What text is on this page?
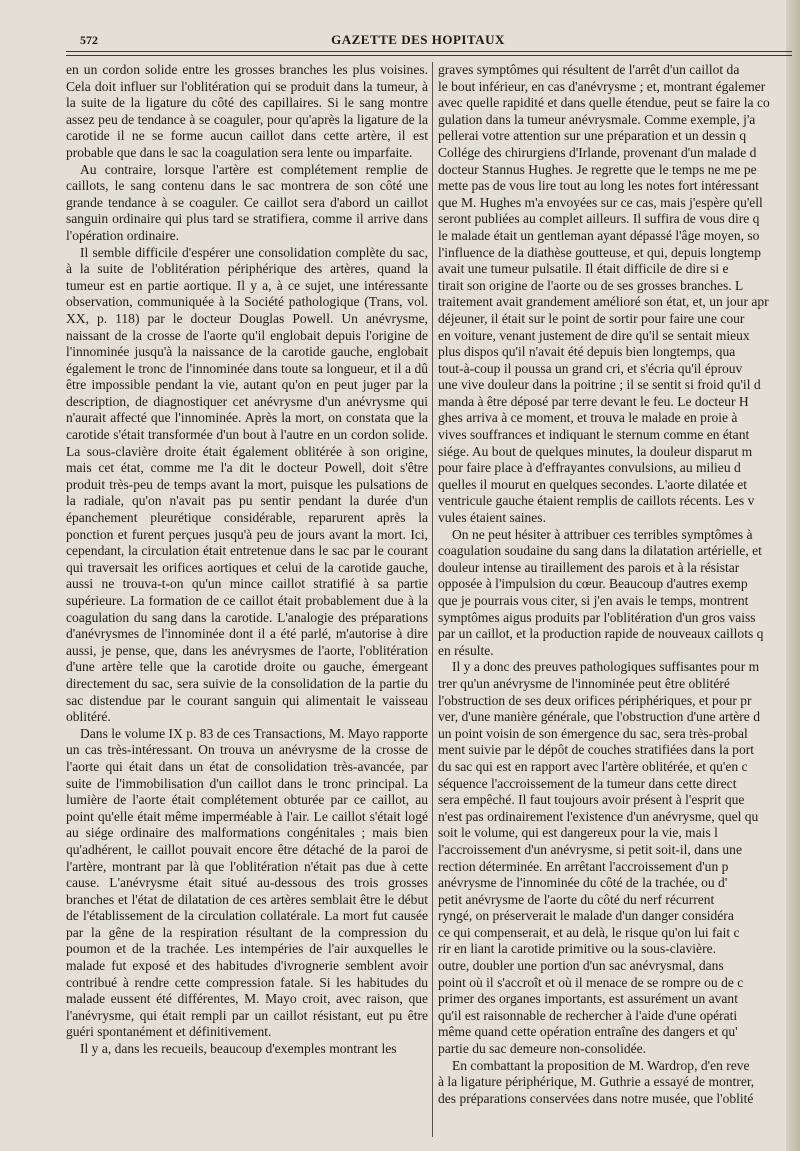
572	GAZETTE DES HOPITAUX

en un cordon solide entre les grosses branches les plus voisines. Cela doit influer sur l'oblitération qui se produit dans la tumeur, à la suite de la ligature du côté des capillaires. Si le sang montre assez peu de tendance à se coaguler, pour qu'après la ligature de la carotide il ne se forme aucun caillot dans cette artère, il est probable que dans le sac la coagulation sera lente ou imparfaite.

Au contraire, lorsque l'artère est complétement remplie de caillots, le sang contenu dans le sac montrera de son côté une grande tendance à se coaguler. Ce caillot sera d'abord un caillot sanguin ordinaire qui plus tard se stratifiera, comme il arrive dans l'opération ordinaire.

Il semble difficile d'espérer une consolidation complète du sac, à la suite de l'oblitération périphérique des artères, quand la tumeur est en partie aortique. Il y a, à ce sujet, une intéressante observation, communiquée à la Société pathologique (Trans, vol. XX, p. 118) par le docteur Douglas Powell. Un anévrysme, naissant de la crosse de l'aorte qu'il englobait depuis l'origine de l'innominée jusqu'à la naissance de la carotide gauche, englobait également le tronc de l'innominée dans toute sa longueur, et il a dû être impossible pendant la vie, autant qu'on en peut juger par la description, de diagnostiquer cet anévrysme d'un anévrysme qui n'aurait affecté que l'innominée. Après la mort, on constata que la carotide s'était transformée d'un bout à l'autre en un cordon solide. La sous-clavière droite était également oblitérée à son origine, mais cet état, comme me l'a dit le docteur Powell, doit s'être produit très-peu de temps avant la mort, puisque les pulsations de la radiale, qu'on n'avait pas pu sentir pendant la durée d'un épanchement pleurétique considérable, reparurent après la ponction et furent perçues jusqu'à peu de jours avant la mort. Ici, cependant, la circulation était entretenue dans le sac par le courant qui traversait les orifices aortiques et celui de la carotide gauche, aussi ne trouva-t-on qu'un mince caillot stratifié à sa partie supérieure. La formation de ce caillot était probablement due à la coagulation du sang dans la carotide. L'analogie des préparations d'anévrysmes de l'innominée dont il a été parlé, m'autorise à dire aussi, je pense, que, dans les anévrysmes de l'aorte, l'oblitération d'une artère telle que la carotide droite ou gauche, émergeant directement du sac, sera suivie de la consolidation de la partie du sac distendue par le courant sanguin qui alimentait le vaisseau oblitéré.

Dans le volume IX p. 83 de ces Transactions, M. Mayo rapporte un cas très-intéressant. On trouva un anévrysme de la crosse de l'aorte qui était dans un état de consolidation très-avancée, par suite de l'immobilisation d'un caillot dans le tronc principal. La lumière de l'aorte était complétement obturée par ce caillot, au point qu'elle était même imperméable à l'air. Le caillot s'était logé au siége ordinaire des malformations congénitales ; mais bien qu'adhérent, le caillot pouvait encore être détaché de la paroi de l'artère, montrant par là que l'oblitération n'était pas due à cette cause. L'anévrysme était situé au-dessous des trois grosses branches et l'état de dilatation de ces artères semblait être le début de l'établissement de la circulation collatérale. La mort fut causée par la gêne de la respiration résultant de la compression du poumon et de la trachée. Les intempéries de l'air auxquelles le malade fut exposé et des habitudes d'ivrognerie semblent avoir contribué à rendre cette compression fatale. Si les habitudes du malade eussent été différentes, M. Mayo croit, avec raison, que l'anévrysme, qui était rempli par un caillot résistant, eut pu être guéri spontanément et définitivement.

Il y a, dans les recueils, beaucoup d'exemples montrant les

graves symptômes qui résultent de l'arrêt d'un caillot da
le bout inférieur, en cas d'anévrysme ; et, montrant égalemer
avec quelle rapidité et dans quelle étendue, peut se faire la co
gulation dans la tumeur anévrysmale. Comme exemple, j'a
pellerai votre attention sur une préparation et un dessin q
Collége des chirurgiens d'Irlande, provenant d'un malade d
docteur Stannus Hughes. Je regrette que le temps ne me pe
mette pas de vous lire tout au long les notes fort intéressant
que M. Hughes m'a envoyées sur ce cas, mais j'espère qu'ell
seront publiées au complet ailleurs. Il suffira de vous dire q
le malade était un gentleman ayant dépassé l'âge moyen, so
l'influence de la diathèse goutteuse, et qui, depuis longtemp
avait une tumeur pulsatile. Il était difficile de dire si e
tirait son origine de l'aorte ou de ses grosses branches. L
traitement avait grandement amélioré son état, et, un jour apr
déjeuner, il était sur le point de sortir pour faire une cour
en voiture, venant justement de dire qu'il se sentait mieux
plus dispos qu'il n'avait été depuis bien longtemps, qua
tout-à-coup il poussa un grand cri, et s'écria qu'il éprouv
une vive douleur dans la poitrine ; il se sentit si froid qu'il d
manda à être déposé par terre devant le feu. Le docteur H
ghes arriva à ce moment, et trouva le malade en proie à
vives souffrances et indiquant le sternum comme en étant
siége. Au bout de quelques minutes, la douleur disparut m
pour faire place à d'effrayantes convulsions, au milieu d
quelles il mourut en quelques secondes. L'aorte dilatée et
ventricule gauche étaient remplis de caillots récents. Les v
vules étaient saines.
On ne peut hésiter à attribuer ces terribles symptômes à
coagulation soudaine du sang dans la dilatation artérielle, et
douleur intense au tiraillement des parois et à la résistar
opposée à l'impulsion du cœur. Beaucoup d'autres exemp
que je pourrais vous citer, si j'en avais le temps, montrent
symptômes aigus produits par l'oblitération d'un gros vaiss
par un caillot, et la production rapide de nouveaux caillots q
en résulte.
Il y a donc des preuves pathologiques suffisantes pour m
trer qu'un anévrysme de l'innominée peut être oblitéré
l'obstruction de ses deux orifices périphériques, et pour pr
ver, d'une manière générale, que l'obstruction d'une artère d
un point voisin de son émergence du sac, sera très-probal
ment suivie par le dépôt de couches stratifiées dans la port
du sac qui est en rapport avec l'artère oblitérée, et qu'en c
séquence l'accroissement de la tumeur dans cette direct
sera empêché. Il faut toujours avoir présent à l'esprit que
n'est pas ordinairement l'existence d'un anévrysme, quel qu
soit le volume, qui est dangereux pour la vie, mais l
l'accroissement d'un anévrysme, si petit soit-il, dans une
rection déterminée. En arrêtant l'accroissement d'un p
anévrysme de l'innominée du côté de la trachée, ou d'
petit anévrysme de l'aorte du côté du nerf récurrent
ryngé, on préserverait le malade d'un danger considéra
ce qui compenserait, et au delà, le risque qu'on lui fait c
rir en liant la carotide primitive ou la sous-clavière.
outre, doubler une portion d'un sac anévrysmal, dans
point où il s'accroît et où il menace de se rompre ou de c
primer des organes importants, est assurément un avant
qu'il est raisonnable de rechercher à l'aide d'une opérati
même quand cette opération entraîne des dangers et qu'
partie du sac demeure non-consolidée.
En combattant la proposition de M. Wardrop, d'en reve
à la ligature périphérique, M. Guthrie a essayé de montrer,
des préparations conservées dans notre musée, que l'oblité
